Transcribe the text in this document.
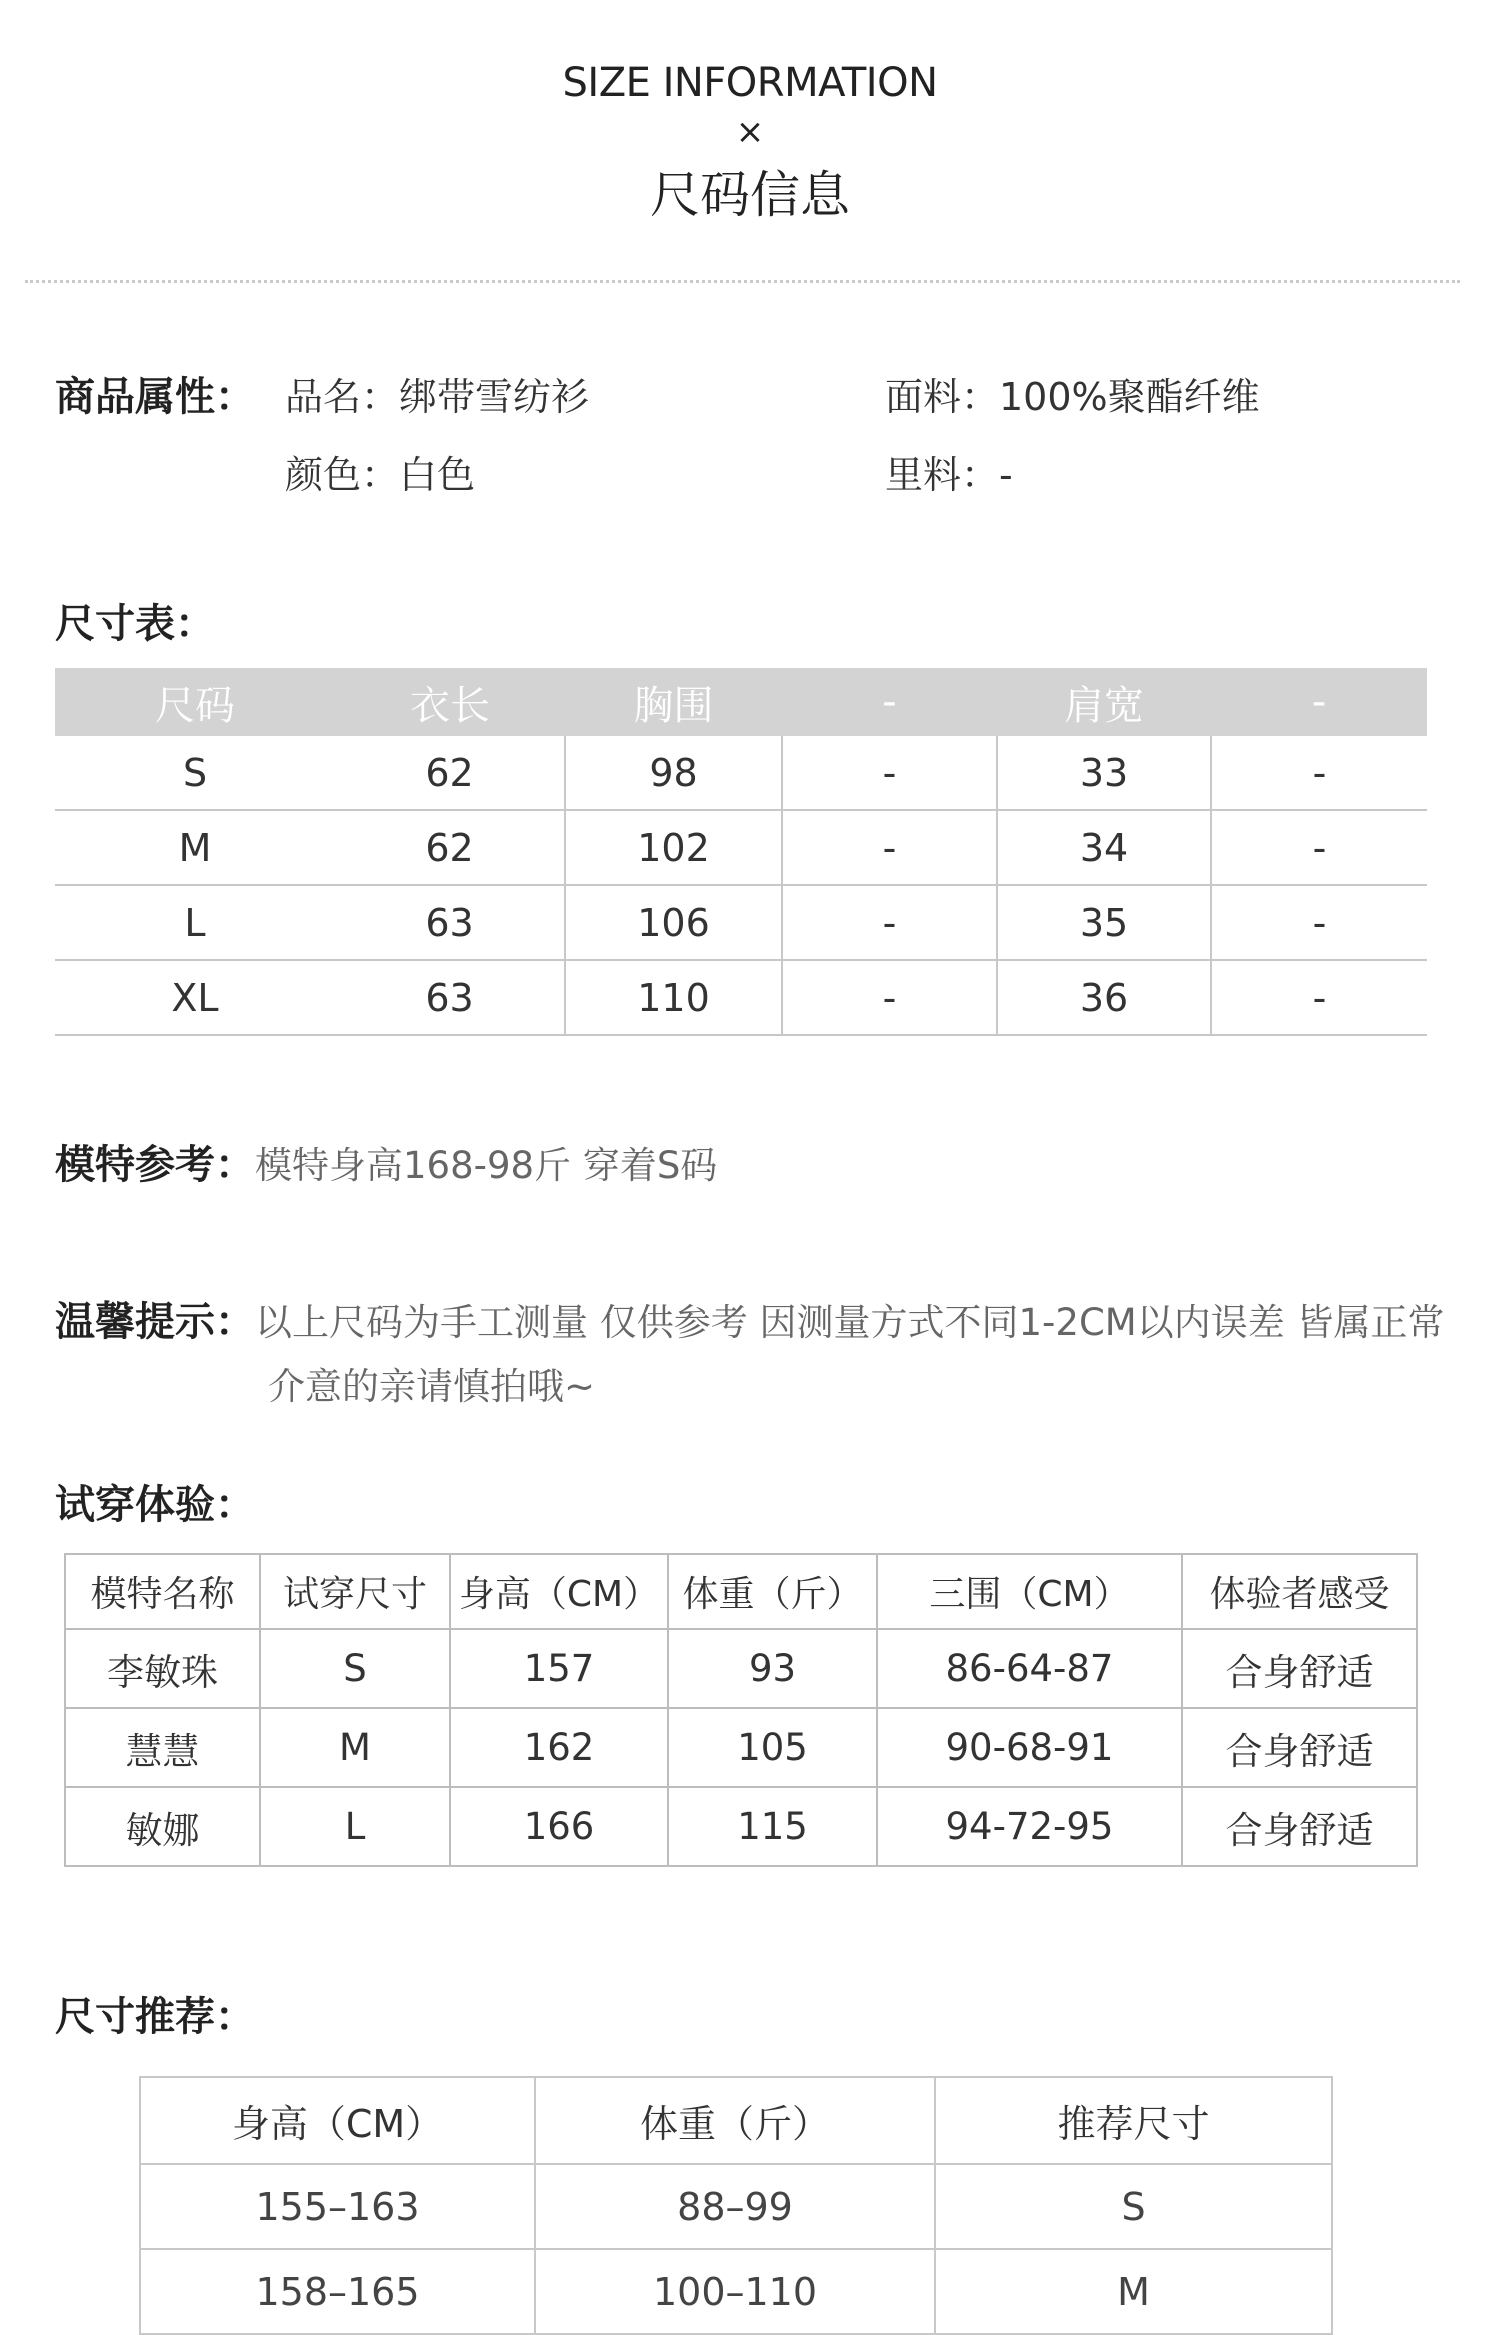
SIZE INFORMATION
×
尺码信息
商品属性： 品名：绑带雪纺衫	面料：100%聚酯纤维
颜色：白色	里料：-
尺寸表：
尺码	衣长	胸围	-	肩宽	-
S	62	98	-	33	-
M	62	102	-	34	-
L	63	106	-	35	-
XL	63	110	-	36	-
模特参考：模特身高168-98斤 穿着S码
温馨提示：以上尺码为手工测量 仅供参考 因测量方式不同1-2CM以内误差 皆属正常
介意的亲请慎拍哦~
试穿体验：
模特名称	试穿尺寸	身高（CM）	体重（斤）	三围（CM）	体验者感受
李敏珠	S	157	93	86-64-87	合身舒适
慧慧	M	162	105	90-68-91	合身舒适
敏娜	L	166	115	94-72-95	合身舒适
尺寸推荐：
身高（CM）	体重（斤）	推荐尺寸
155–163	88–99	S
158–165	100–110	M
